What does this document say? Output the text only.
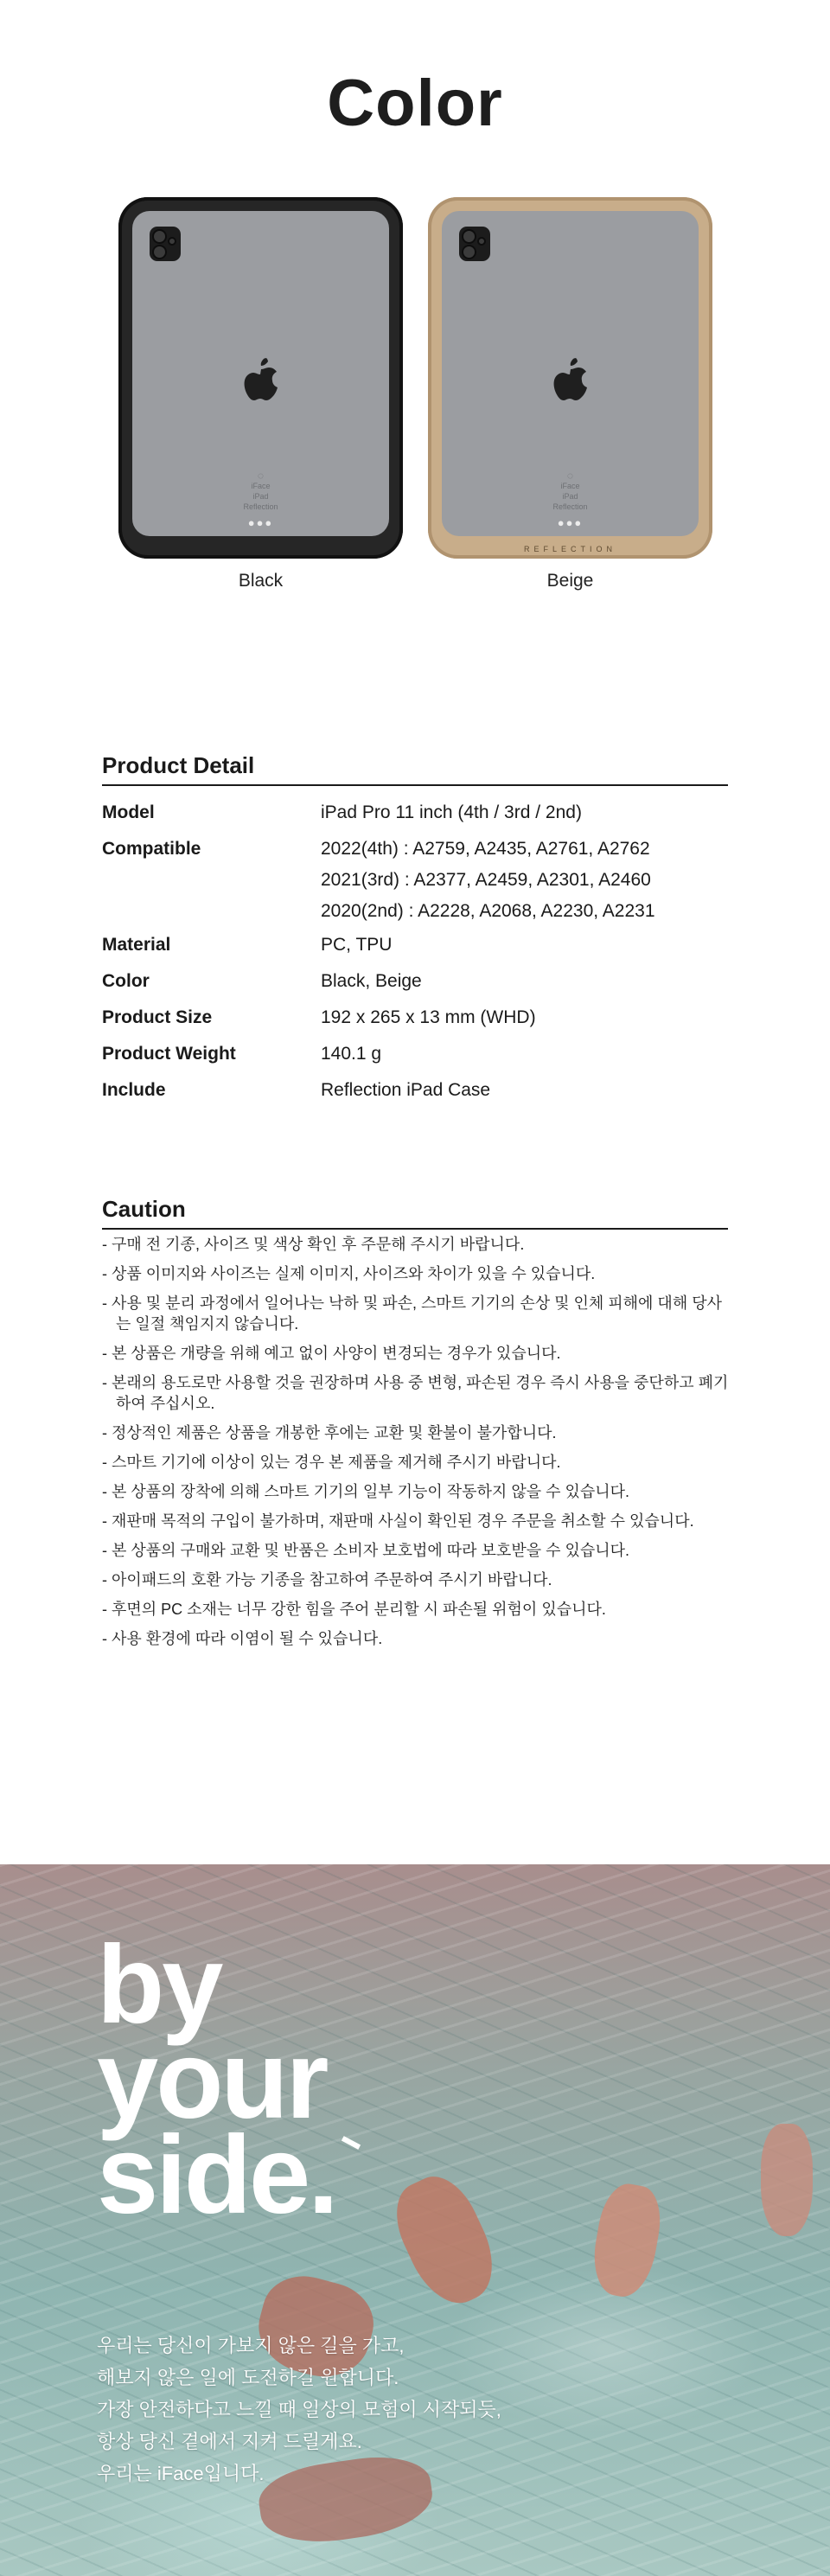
Color
◌
iFace
iPad
Reflection
●●●
Black
◌
iFace
iPad
Reflection
●●●
REFLECTION
Beige
Product Detail
Model	iPad Pro 11 inch (4th / 3rd / 2nd)
Compatible	2022(4th) : A2759, A2435, A2761, A2762
2021(3rd) : A2377, A2459, A2301, A2460
2020(2nd) : A2228, A2068, A2230, A2231
Material	PC, TPU
Color	Black, Beige
Product Size	192 x 265 x 13 mm (WHD)
Product Weight	140.1 g
Include	Reflection iPad Case
Caution
- 구매 전 기종, 사이즈 및 색상 확인 후 주문해 주시기 바랍니다.
- 상품 이미지와 사이즈는 실제 이미지, 사이즈와 차이가 있을 수 있습니다.
- 사용 및 분리 과정에서 일어나는 낙하 및 파손, 스마트 기기의 손상 및 인체 피해에 대해 당사는 일절 책임지지 않습니다.
- 본 상품은 개량을 위해 예고 없이 사양이 변경되는 경우가 있습니다.
- 본래의 용도로만 사용할 것을 권장하며 사용 중 변형, 파손된 경우 즉시 사용을 중단하고 폐기하여 주십시오.
- 정상적인 제품은 상품을 개봉한 후에는 교환 및 환불이 불가합니다.
- 스마트 기기에 이상이 있는 경우 본 제품을 제거해 주시기 바랍니다.
- 본 상품의 장착에 의해 스마트 기기의 일부 기능이 작동하지 않을 수 있습니다.
- 재판매 목적의 구입이 불가하며, 재판매 사실이 확인된 경우 주문을 취소할 수 있습니다.
- 본 상품의 구매와 교환 및 반품은 소비자 보호법에 따라 보호받을 수 있습니다.
- 아이패드의 호환 가능 기종을 참고하여 주문하여 주시기 바랍니다.
- 후면의 PC 소재는 너무 강한 힘을 주어 분리할 시 파손될 위험이 있습니다.
- 사용 환경에 따라 이염이 될 수 있습니다.
by
your
side.
우리는 당신이 가보지 않은 길을 가고,
해보지 않은 일에 도전하길 원합니다.
가장 안전하다고 느낄 때 일상의 모험이 시작되듯,
항상 당신 곁에서 지켜 드릴게요.
우리는 iFace입니다.
